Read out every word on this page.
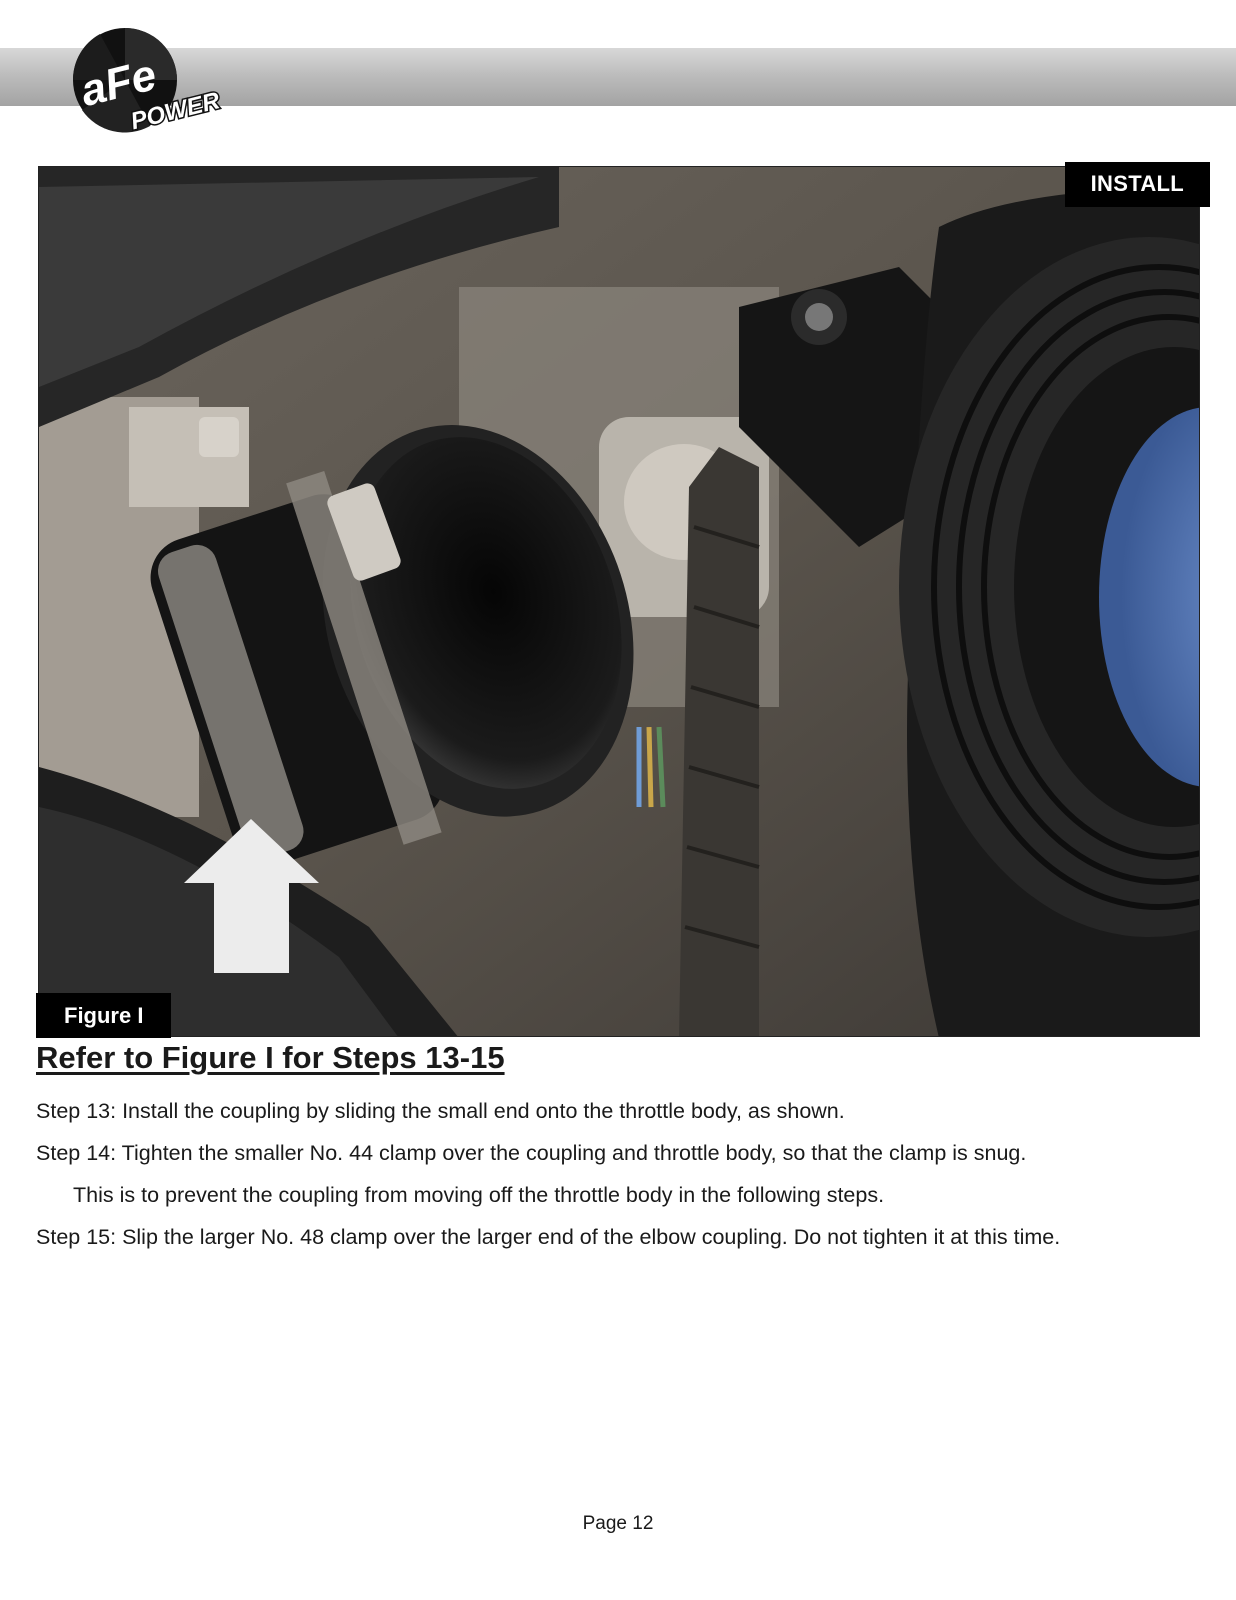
aFe
POWER
INSTALL
Figure I
Refer to Figure I for Steps 13-15

Step 13: Install the coupling by sliding the small end onto the throttle body, as shown.

Step 14: Tighten the smaller No. 44 clamp over the coupling and throttle body, so that the clamp is snug.

This is to prevent the coupling from moving off the throttle body in the following steps.

Step 15: Slip the larger No. 48 clamp over the larger end of the elbow coupling. Do not tighten it at this time.

Page 12
